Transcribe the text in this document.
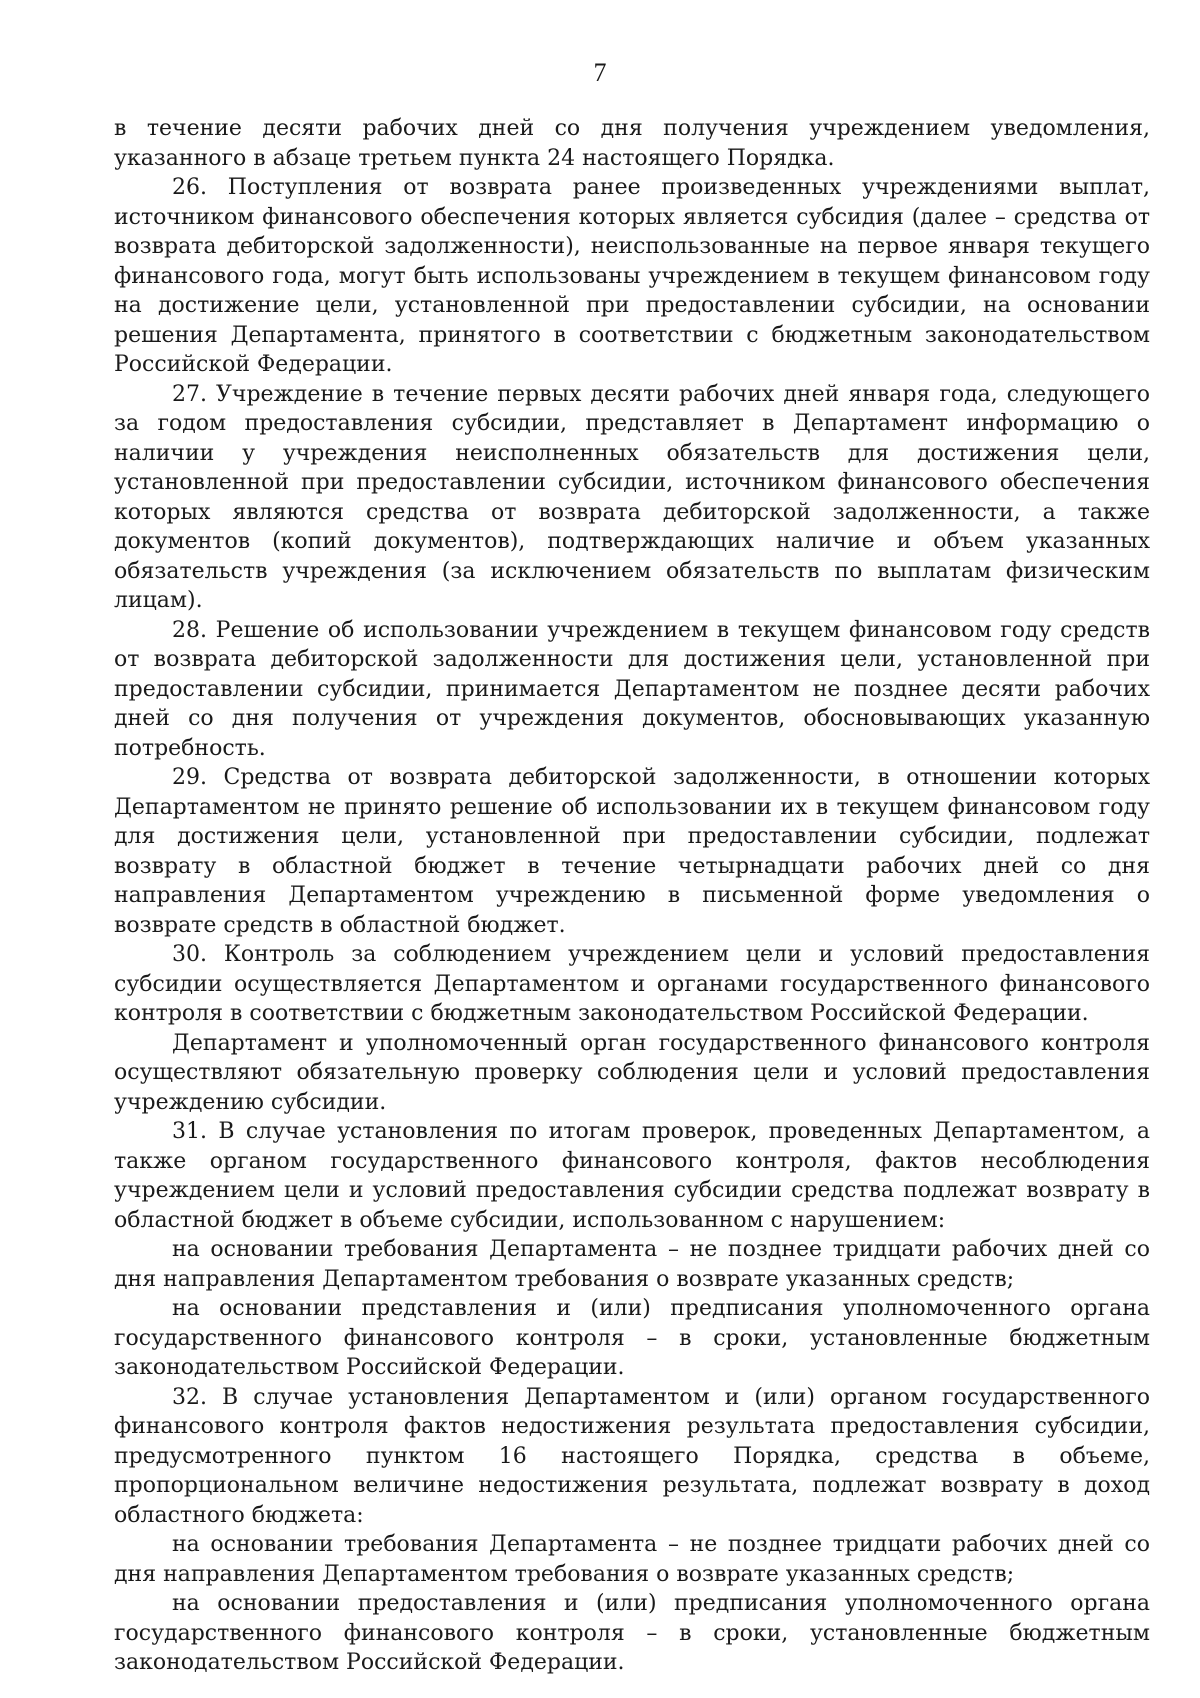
7

в течение десяти рабочих дней со дня получения учреждением уведомления, указанного в абзаце третьем пункта 24 настоящего Порядка.

26. Поступления от возврата ранее произведенных учреждениями выплат, источником финансового обеспечения которых является субсидия (далее – средства от возврата дебиторской задолженности), неиспользованные на первое января текущего финансового года, могут быть использованы учреждением в текущем финансовом году на достижение цели, установленной при предоставлении субсидии, на основании решения Департамента, принятого в соответствии с бюджетным законодательством Российской Федерации.

27. Учреждение в течение первых десяти рабочих дней января года, следующего за годом предоставления субсидии, представляет в Департамент информацию о наличии у учреждения неисполненных обязательств для достижения цели, установленной при предоставлении субсидии, источником финансового обеспечения которых являются средства от возврата дебиторской задолженности, а также документов (копий документов), подтверждающих наличие и объем указанных обязательств учреждения (за исключением обязательств по выплатам физическим лицам).

28. Решение об использовании учреждением в текущем финансовом году средств от возврата дебиторской задолженности для достижения цели, установленной при предоставлении субсидии, принимается Департаментом не позднее десяти рабочих дней со дня получения от учреждения документов, обосновывающих указанную потребность.

29. Средства от возврата дебиторской задолженности, в отношении которых Департаментом не принято решение об использовании их в текущем финансовом году для достижения цели, установленной при предоставлении субсидии, подлежат возврату в областной бюджет в течение четырнадцати рабочих дней со дня направления Департаментом учреждению в письменной форме уведомления о возврате средств в областной бюджет.

30. Контроль за соблюдением учреждением цели и условий предоставления субсидии осуществляется Департаментом и органами государственного финансового контроля в соответствии с бюджетным законодательством Российской Федерации.

Департамент и уполномоченный орган государственного финансового контроля осуществляют обязательную проверку соблюдения цели и условий предоставления учреждению субсидии.

31. В случае установления по итогам проверок, проведенных Департаментом, а также органом государственного финансового контроля, фактов несоблюдения учреждением цели и условий предоставления субсидии средства подлежат возврату в областной бюджет в объеме субсидии, использованном с нарушением:

на основании требования Департамента – не позднее тридцати рабочих дней со дня направления Департаментом требования о возврате указанных средств;

на основании представления и (или) предписания уполномоченного органа государственного финансового контроля – в сроки, установленные бюджетным законодательством Российской Федерации.

32. В случае установления Департаментом и (или) органом государственного финансового контроля фактов недостижения результата предоставления субсидии, предусмотренного пунктом 16 настоящего Порядка, средства в объеме, пропорциональном величине недостижения результата, подлежат возврату в доход областного бюджета:

на основании требования Департамента – не позднее тридцати рабочих дней со дня направления Департаментом требования о возврате указанных средств;

на основании предоставления и (или) предписания уполномоченного органа государственного финансового контроля – в сроки, установленные бюджетным законодательством Российской Федерации.
